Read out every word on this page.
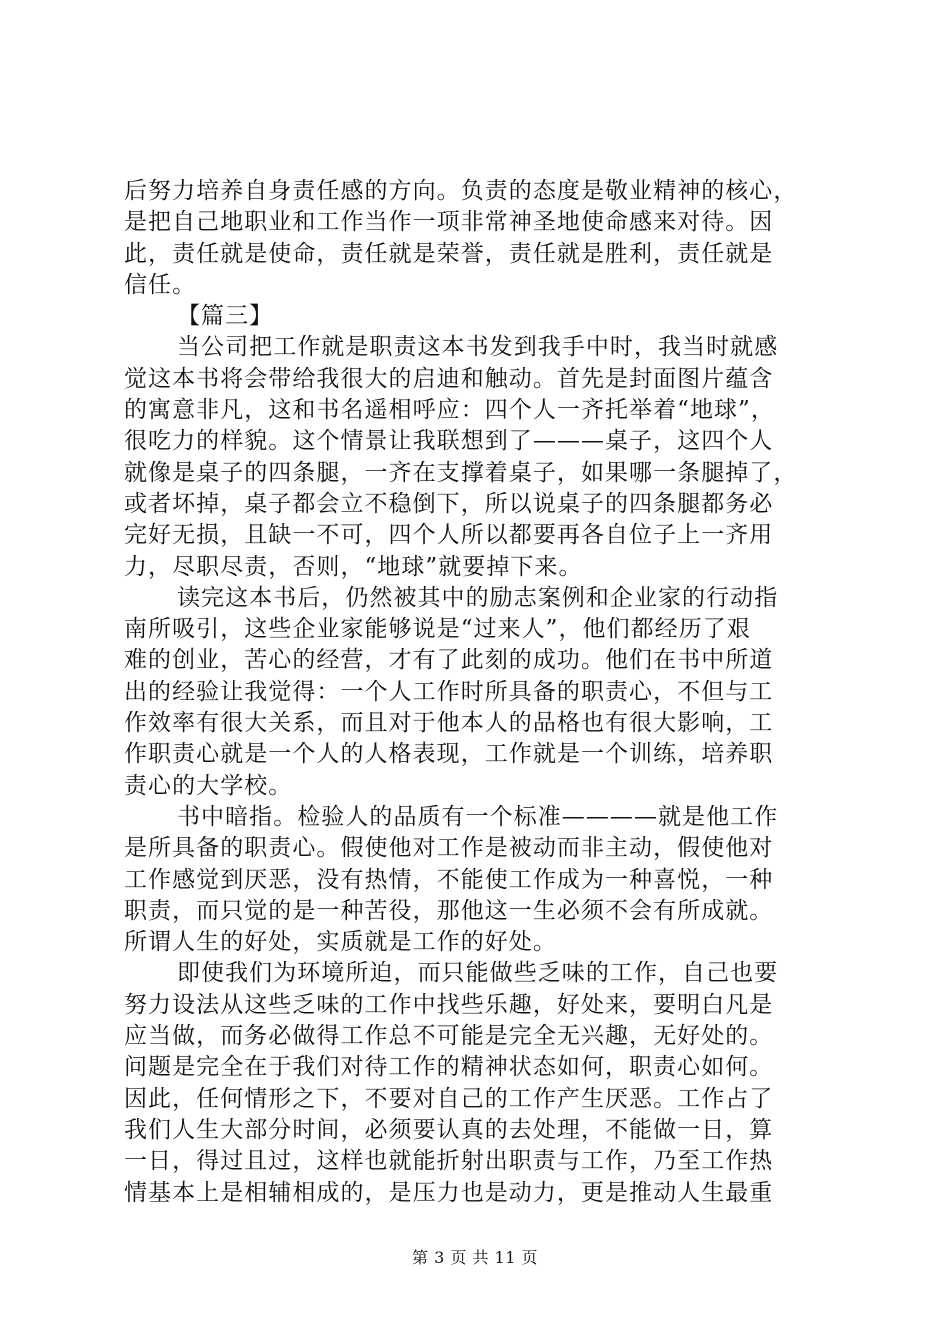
后努力培养自身责任感的方向。负责的态度是敬业精神的核心，
是把自己地职业和工作当作一项非常神圣地使命感来对待。因
此，责任就是使命，责任就是荣誉，责任就是胜利，责任就是
信任。
【篇三】
当公司把工作就是职责这本书发到我手中时，我当时就感
觉这本书将会带给我很大的启迪和触动。首先是封面图片蕴含
的寓意非凡，这和书名遥相呼应：四个人一齐托举着“地球”，
很吃力的样貌。这个情景让我联想到了———桌子，这四个人
就像是桌子的四条腿，一齐在支撑着桌子，如果哪一条腿掉了，
或者坏掉，桌子都会立不稳倒下，所以说桌子的四条腿都务必
完好无损，且缺一不可，四个人所以都要再各自位子上一齐用
力，尽职尽责，否则，“地球”就要掉下来。
读完这本书后，仍然被其中的励志案例和企业家的行动指
南所吸引，这些企业家能够说是“过来人”，他们都经历了艰
难的创业，苦心的经营，才有了此刻的成功。他们在书中所道
出的经验让我觉得：一个人工作时所具备的职责心，不但与工
作效率有很大关系，而且对于他本人的品格也有很大影响，工
作职责心就是一个人的人格表现，工作就是一个训练，培养职
责心的大学校。
书中暗指。检验人的品质有一个标准————就是他工作
是所具备的职责心。假使他对工作是被动而非主动，假使他对
工作感觉到厌恶，没有热情，不能使工作成为一种喜悦，一种
职责，而只觉的是一种苦役，那他这一生必须不会有所成就。
所谓人生的好处，实质就是工作的好处。
即使我们为环境所迫，而只能做些乏味的工作，自己也要
努力设法从这些乏味的工作中找些乐趣，好处来，要明白凡是
应当做，而务必做得工作总不可能是完全无兴趣，无好处的。
问题是完全在于我们对待工作的精神状态如何，职责心如何。
因此，任何情形之下，不要对自己的工作产生厌恶。工作占了
我们人生大部分时间，必须要认真的去处理，不能做一日，算
一日，得过且过，这样也就能折射出职责与工作，乃至工作热
情基本上是相辅相成的，是压力也是动力，更是推动人生最重
第 3 页 共 11 页
